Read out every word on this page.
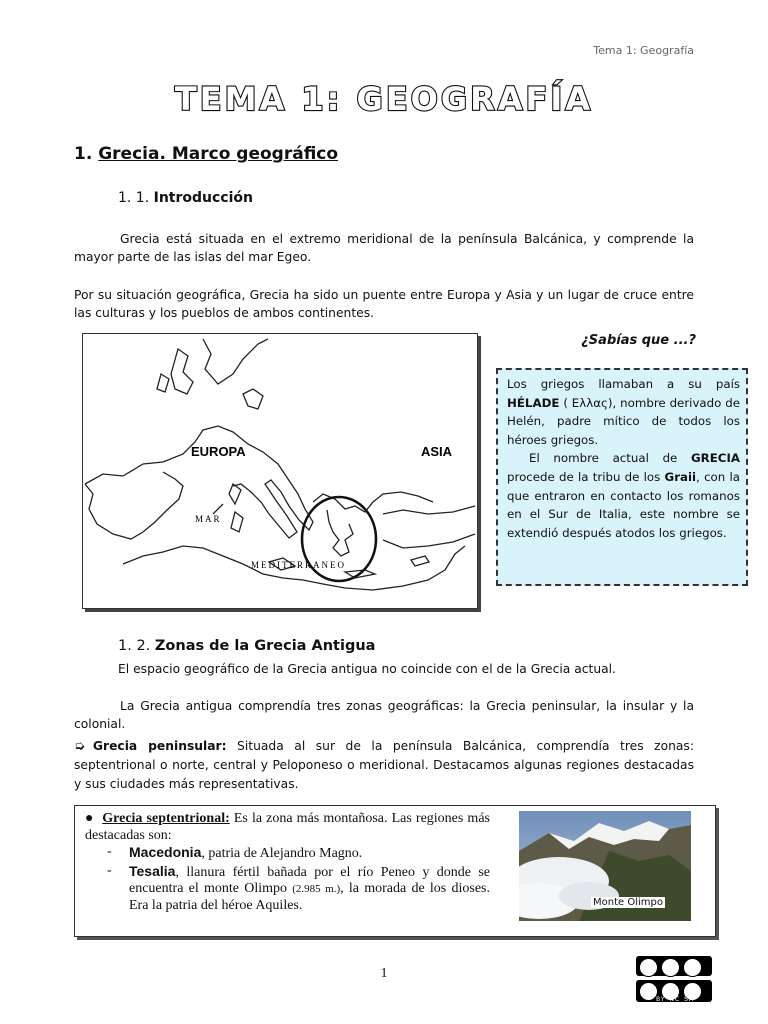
Tema 1: Geografía
TEMA 1: GEOGRAFÍA
1. Grecia. Marco geográfico
1. 1. Introducción
Grecia está situada en el extremo meridional de la península Balcánica, y comprende la mayor parte de las islas del mar Egeo.
Por su situación geográfica, Grecia ha sido un puente entre Europa y Asia y un lugar de cruce entre las culturas y los pueblos de ambos continentes.
¿Sabías que ...?
EUROPA	ASIA
MAR
MEDITERRANEO

Los griegos llamaban a su país HÉLADE ( Ελλας), nombre derivado de Helén, padre mítico de todos los héroes griegos.

El nombre actual de GRECIA procede de la tribu de los Graii, con la que entraron en contacto los romanos en el Sur de Italia, este nombre se extendió después atodos los griegos.

1. 2. Zonas de la Grecia Antigua
El espacio geográfico de la Grecia antigua no coincide con el de la Grecia actual.
La Grecia antigua comprendía tres zonas geográficas: la Grecia peninsular, la insular y la colonial.
➭ Grecia peninsular: Situada al sur de la península Balcánica, comprendía tres zonas: septentrional o norte, central y Peloponeso o meridional. Destacamos algunas regiones destacadas y sus ciudades más representativas.
●  Grecia septentrional: Es la zona más montañosa. Las regiones más destacadas son:
- Macedonia, patria de Alejandro Magno.
- Tesalia, llanura fértil bañada por el río Peneo y donde se encuentra el monte Olimpo (2.985 m.), la morada de los dioses. Era la patria del héroe Aquiles.	Monte Olimpo
1
BY NC SA
